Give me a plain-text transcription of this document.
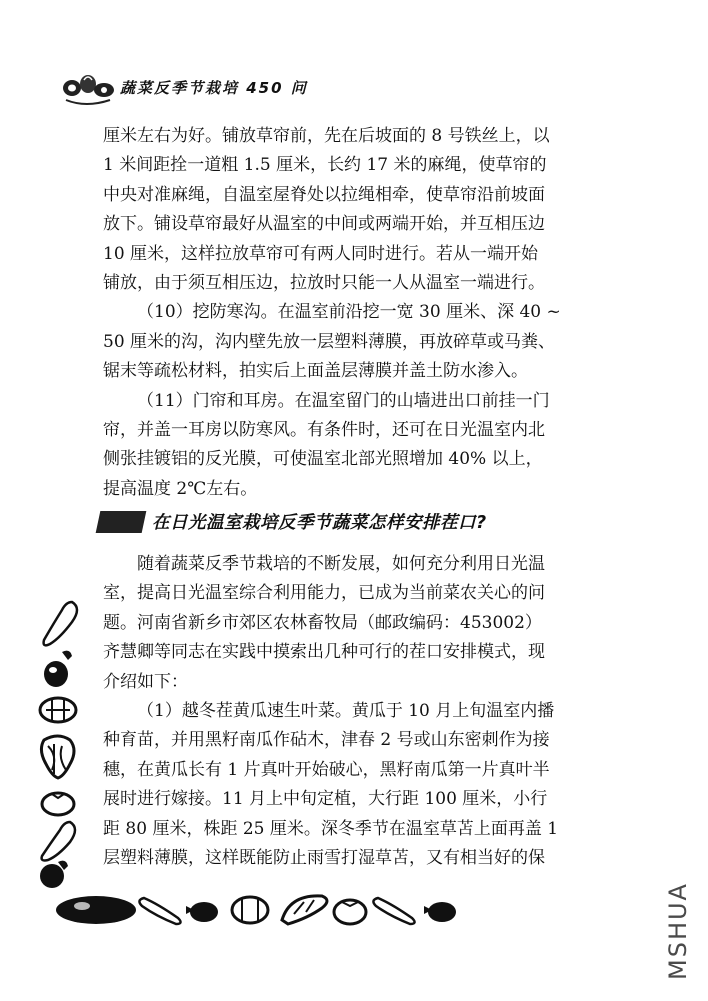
蔬菜反季节栽培 450 问
厘米左右为好。铺放草帘前，先在后坡面的 8 号铁丝上，以
1 米间距拴一道粗 1.5 厘米，长约 17 米的麻绳，使草帘的
中央对准麻绳，自温室屋脊处以拉绳相牵，使草帘沿前坡面
放下。铺设草帘最好从温室的中间或两端开始，并互相压边
10 厘米，这样拉放草帘可有两人同时进行。若从一端开始
铺放，由于须互相压边，拉放时只能一人从温室一端进行。
（10）挖防寒沟。在温室前沿挖一宽 30 厘米、深 40 ~
50 厘米的沟，沟内壁先放一层塑料薄膜，再放碎草或马粪、
锯末等疏松材料，拍实后上面盖层薄膜并盖土防水渗入。
（11）门帘和耳房。在温室留门的山墙进出口前挂一门
帘，并盖一耳房以防寒风。有条件时，还可在日光温室内北
侧张挂镀铝的反光膜，可使温室北部光照增加 40% 以上，
提高温度 2℃左右。
在日光温室栽培反季节蔬菜怎样安排茬口?
随着蔬菜反季节栽培的不断发展，如何充分利用日光温
室，提高日光温室综合利用能力，已成为当前菜农关心的问
题。河南省新乡市郊区农林畜牧局（邮政编码：453002）
齐慧卿等同志在实践中摸索出几种可行的茬口安排模式，现
介绍如下：
（1）越冬茬黄瓜速生叶菜。黄瓜于 10 月上旬温室内播
种育苗，并用黑籽南瓜作砧木，津春 2 号或山东密刺作为接
穗，在黄瓜长有 1 片真叶开始破心，黑籽南瓜第一片真叶半
展时进行嫁接。11 月上中旬定植，大行距 100 厘米，小行
距 80 厘米，株距 25 厘米。深冬季节在温室草苫上面再盖 1
层塑料薄膜，这样既能防止雨雪打湿草苫，又有相当好的保
MSHUA
